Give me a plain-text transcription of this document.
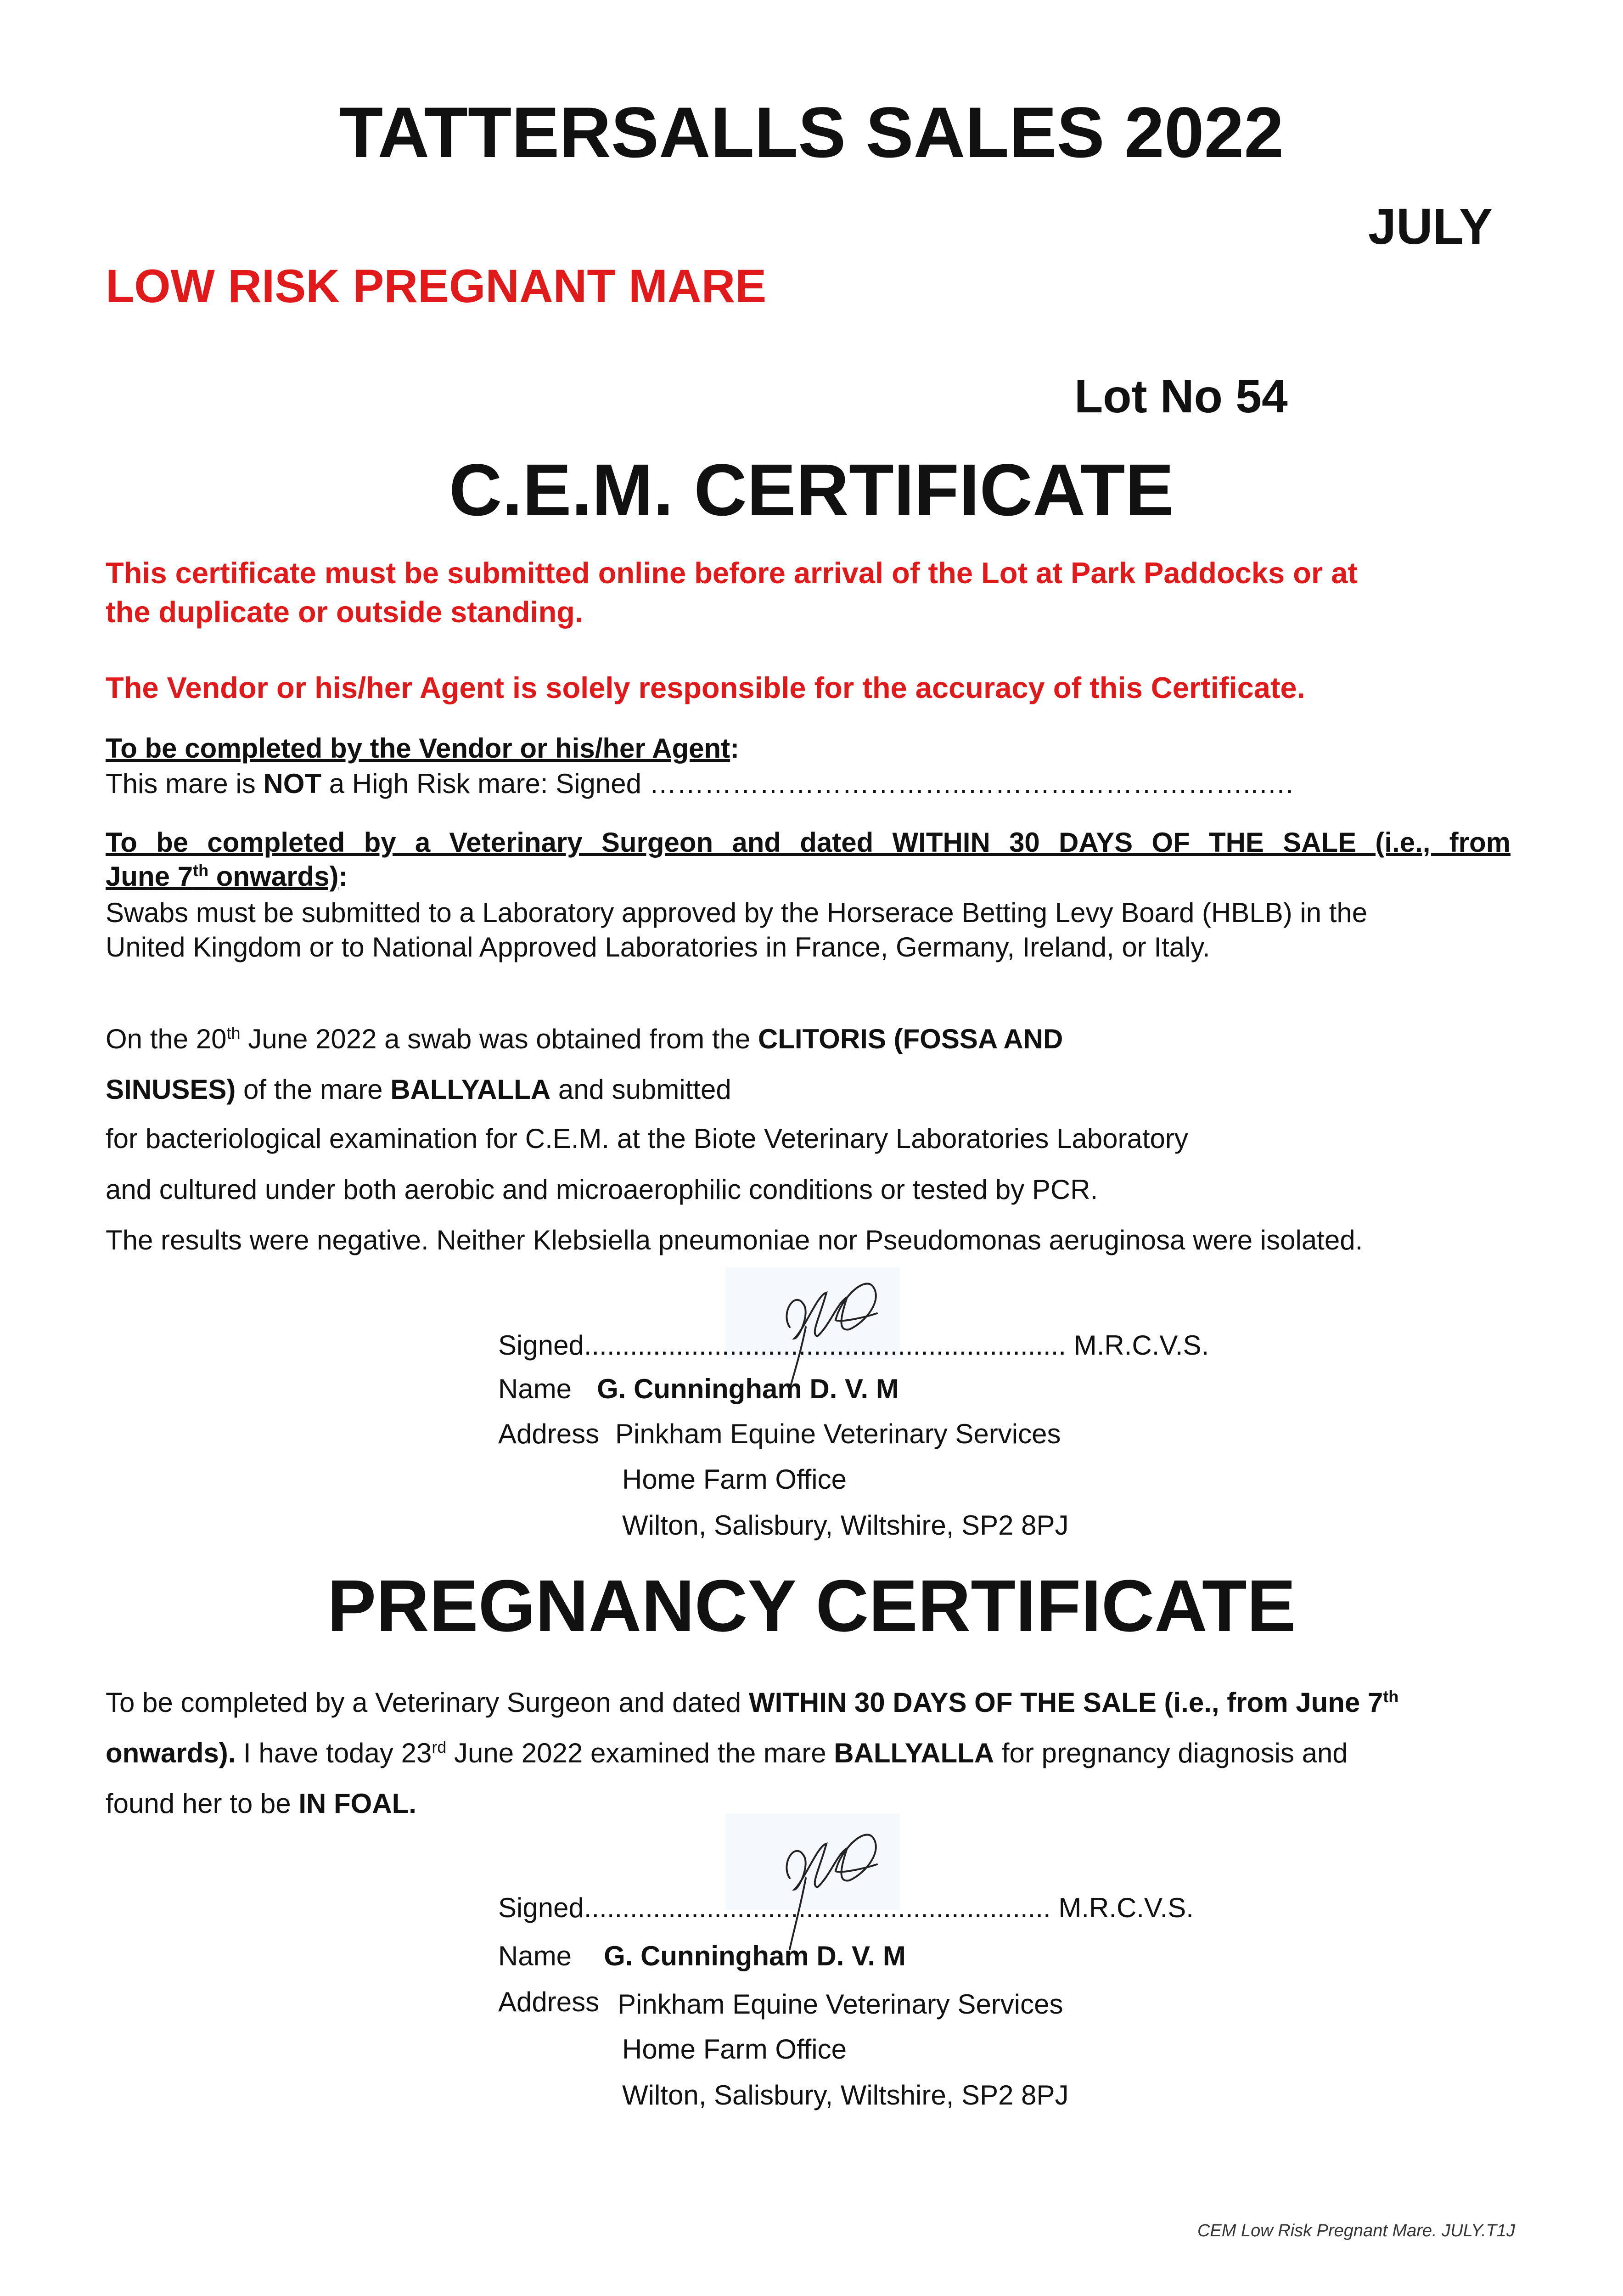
TATTERSALLS SALES 2022
JULY
LOW RISK PREGNANT MARE
Lot No 54
C.E.M. CERTIFICATE
This certificate must be submitted online before arrival of the Lot at Park Paddocks or at
the duplicate or outside standing.
The Vendor or his/her Agent is solely responsible for the accuracy of this Certificate.
To be completed by the Vendor or his/her Agent:
This mare is NOT a High Risk mare: Signed ……………………………..…………………………..….
To be completed by a Veterinary Surgeon and dated WITHIN 30 DAYS OF THE SALE (i.e., from
June 7th onwards):
Swabs must be submitted to a Laboratory approved by the Horserace Betting Levy Board (HBLB) in the
United Kingdom or to National Approved Laboratories in France, Germany, Ireland, or Italy.
On the 20th June 2022 a swab was obtained from the CLITORIS (FOSSA AND
SINUSES) of the mare BALLYALLA and submitted
for bacteriological examination for C.E.M. at the Biote Veterinary Laboratories Laboratory
and cultured under both aerobic and microaerophilic conditions or tested by PCR.
The results were negative. Neither Klebsiella pneumoniae nor Pseudomonas aeruginosa were isolated.
Signed............................................................... M.R.C.V.S.
Name G. Cunningham D. V. M
Address Pinkham Equine Veterinary Services
Home Farm Office
Wilton, Salisbury, Wiltshire, SP2 8PJ
PREGNANCY CERTIFICATE
To be completed by a Veterinary Surgeon and dated WITHIN 30 DAYS OF THE SALE (i.e., from June 7th
onwards). I have today 23rd June 2022 examined the mare BALLYALLA for pregnancy diagnosis and
found her to be IN FOAL.
Signed............................................................. M.R.C.V.S.
Name G. Cunningham D. V. M
Address Pinkham Equine Veterinary Services
Home Farm Office
Wilton, Salisbury, Wiltshire, SP2 8PJ
CEM Low Risk Pregnant Mare. JULY.T1J
